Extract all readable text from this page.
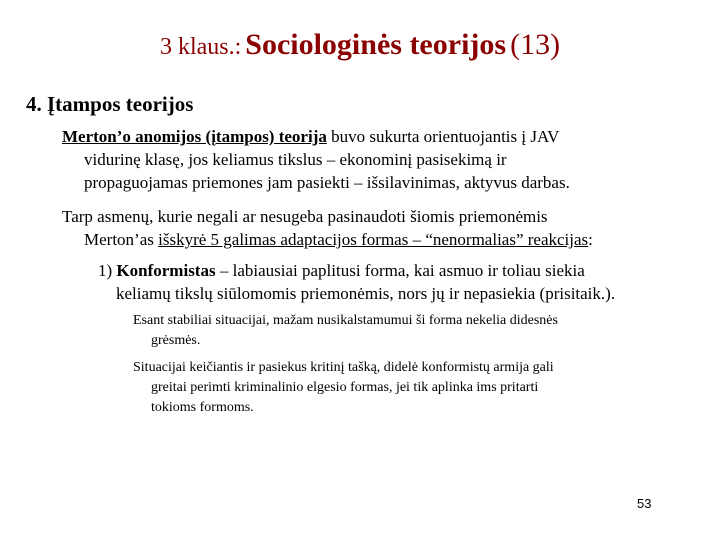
3 klaus.: Sociologinės teorijos (13)
4. Įtampos teorijos
Merton’o anomijos (įtampos) teorija buvo sukurta orientuojantis į JAV
vidurinę klasę, jos keliamus tikslus – ekonominį pasisekimą ir
propaguojamas priemones jam pasiekti – išsilavinimas, aktyvus darbas.
Tarp asmenų, kurie negali ar nesugeba pasinaudoti šiomis priemonėmis
Merton’as išskyrė 5 galimas adaptacijos formas – “nenormalias” reakcijas:
1) Konformistas – labiausiai paplitusi forma, kai asmuo ir toliau siekia
keliamų tikslų siūlomomis priemonėmis, nors jų ir nepasiekia (prisitaik.).
Esant stabiliai situacijai, mažam nusikalstamumui ši forma nekelia didesnės
grėsmės.
Situacijai keičiantis ir pasiekus kritinį tašką, didelė konformistų armija gali
greitai perimti kriminalinio elgesio formas, jei tik aplinka ims pritarti
tokioms formoms.
53
